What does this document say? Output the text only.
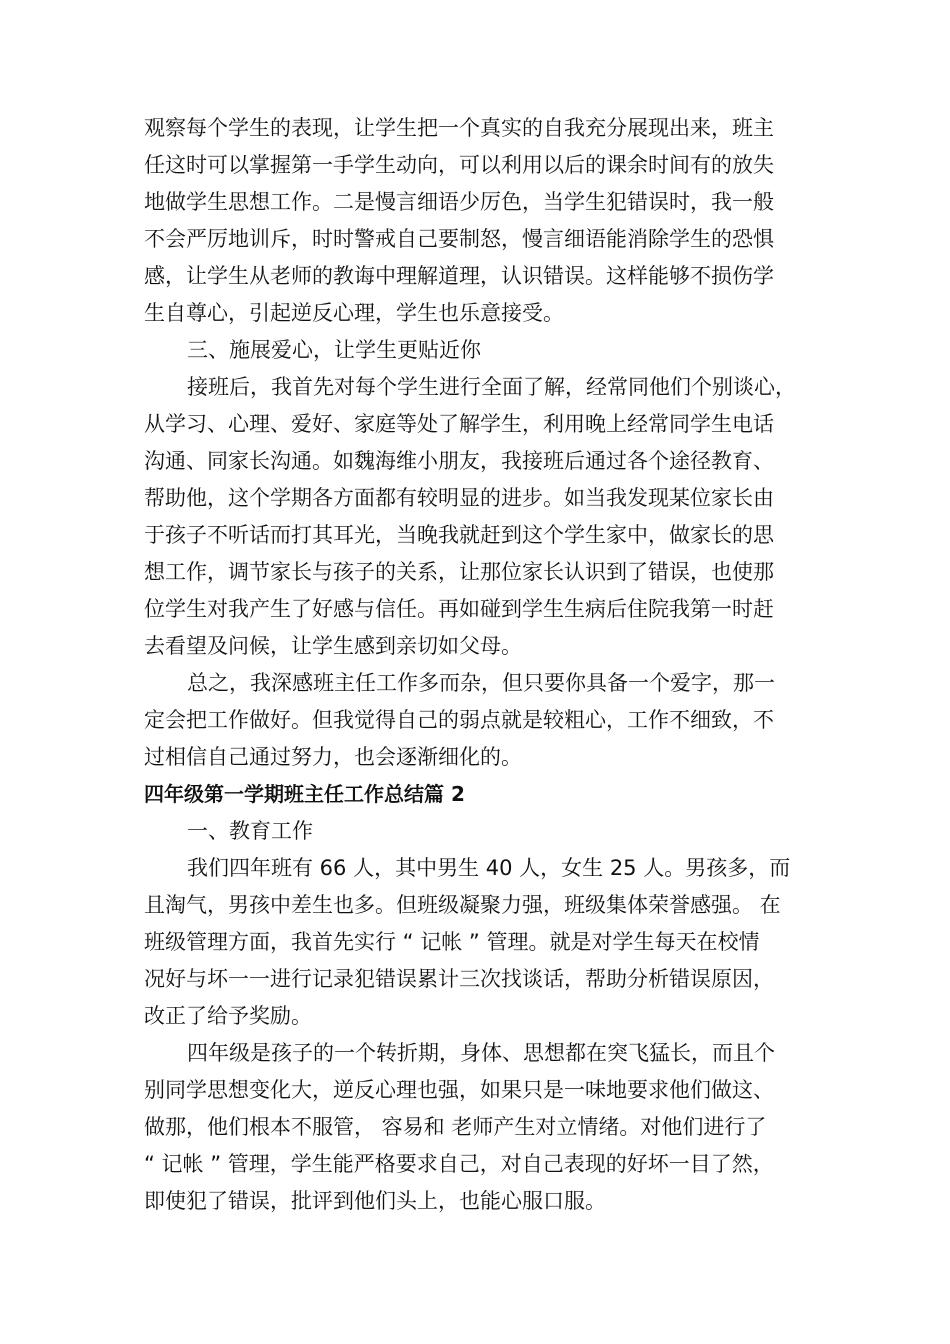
观察每个学生的表现，让学生把一个真实的自我充分展现出来，班主
任这时可以掌握第一手学生动向，可以利用以后的课余时间有的放失
地做学生思想工作。二是慢言细语少厉色，当学生犯错误时，我一般
不会严厉地训斥，时时警戒自己要制怒，慢言细语能消除学生的恐惧
感，让学生从老师的教诲中理解道理，认识错误。这样能够不损伤学
生自尊心，引起逆反心理，学生也乐意接受。
三、施展爱心，让学生更贴近你
接班后，我首先对每个学生进行全面了解，经常同他们个别谈心，
从学习、心理、爱好、家庭等处了解学生，利用晚上经常同学生电话
沟通、同家长沟通。如魏海维小朋友，我接班后通过各个途径教育、
帮助他，这个学期各方面都有较明显的进步。如当我发现某位家长由
于孩子不听话而打其耳光，当晚我就赶到这个学生家中，做家长的思
想工作，调节家长与孩子的关系，让那位家长认识到了错误，也使那
位学生对我产生了好感与信任。再如碰到学生生病后住院我第一时赶
去看望及问候，让学生感到亲切如父母。
总之，我深感班主任工作多而杂，但只要你具备一个爱字，那一
定会把工作做好。但我觉得自己的弱点就是较粗心，工作不细致，不
过相信自己通过努力，也会逐渐细化的。
四年级第一学期班主任工作总结篇 2
一、教育工作
我们四年班有 66 人，其中男生 40 人，女生 25 人。男孩多，而
且淘气，男孩中差生也多。但班级凝聚力强，班级集体荣誉感强。 在
班级管理方面，我首先实行 “ 记帐 ” 管理。就是对学生每天在校情
况好与坏一一进行记录犯错误累计三次找谈话，帮助分析错误原因，
改正了给予奖励。
四年级是孩子的一个转折期，身体、思想都在突飞猛长，而且个
别同学思想变化大，逆反心理也强，如果只是一味地要求他们做这、
做那，他们根本不服管， 容易和 老师产生对立情绪。对他们进行了
“ 记帐 ” 管理，学生能严格要求自己，对自己表现的好坏一目了然，
即使犯了错误，批评到他们头上，也能心服口服。
